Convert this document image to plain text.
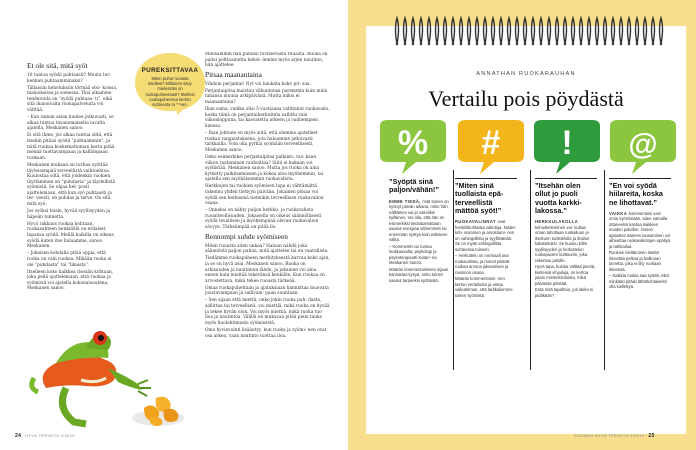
Et ole sitä, mitä syöt

10 tuntoa syödä puhtaasti? Muuta tur- kenhan puhtaamminaksi?

Tällaisiin kehotuksiin törmää otsi- koissa, mainoksissa ja somessa. Yksi alkamme tenderoida on ”syödä puhtaas- ti”, eikä sitä ihanoivalta ruokapalveluita voi välttää.

– Kun saman asian kuulee jatkuvasti, se alkaa tuntua tavanomaiselta tavalta ajatella, Meskanen sanoo.

Ei sitä ihme, jos alkaa tuntua siltä, että itsekin pitäisi syödä ”puhtaammin”, ja mitä ruokaa koskemattoman kerta pitää mennä tuottavampaan ja kalliimpaan ruokaan.

Meskanen mukaan on turhaa syöttää täyteisempää terveellistä vaihtoehtoa. Kuulostaa siltä, että joidenkin ruokien täyttäminen on ”puhdasta” ja täydellistä syömistä. Se ohjaa hel- posti ajattelemaan, että kun syö puhtaasti ja ter- veesti, on puhdas ja terve. On sitä, mitä syö.

Jos syöksi toisin, hyvää syyllisyyden ja häpeän tunnetta.

Hyvä rakkaus ruokaa kohtaan, ruokasuhteen henkilöllä on erilaiset tapansa syödä. Meillä kaikilla on oikeus syödä kuten itse haluamme, sanoo Meskanen.

– Jokaisen kohdalla pitää oppia, että ruoka on vain ruokaa. Mikään ruoka ei ole ”puhdasta” tai ”likaista”.

Itselleen koko kaikkea itseään kohtaan, joka peliä ajattelemaan, että ruokaa ja syömistä voi ajatella kokonaisuutena, Meskanen sanoo.

PUREKSITTAVAA
Miten puhut ruoasta itsellesi? Millainen sävy mielessäsi on ruokapuheessasi? Itsellesi ruokapuheessa kertoo suhteesta ruokaan.

Mielsammin hän puhuisi ravitsevasta ruuasta. Ruoka on paitsi polttoainetta kehol- lemme myös arjen nautinto, hän ajattelee.

Pitsaa maanantaina

Vihdoin perjantai! Nyt voi haukata koko pit- saa.

Perjantaipitsa maistuu vilkuntonsa paremmin kuin minä tahansa muuna arkipäivänä. Mutta miksi ei maanantaina?

Ihan sama, vaikka olisi 5-vuotiaana valittanut ruokavalio, koska tämä on perjantaiherkuttelu sallittu vain viikonloppuna, tai kasvatettu arkeen ja vanhempien kanssa.

– Ihan johtuen on myös siitä, että olemme ajatelleet ruokaa rangaistuksena, jota haluamme jatkuvasti tarkkailla. Voin olla pyrkiä syömään terveellisesti, Meskanen sanoo.

Onko esimerkiksi perjantaipitsa palkinto, tas- kaan viikon raataminen rauhoittaa? Siitä ei kukaan voi syyllistää. Meskanen sanoo. Mutta jos ruoka on aina kytketty palkitsemiseen ja kokea oloa myöhemmin, tai ajatella sen myöhäisemmin ruokavaliota.

Herkkujen tai ruokien syömisen lupa ei välttämättä rakennu yhden tiettyyn päivään. Jokainen pitsaa voi syödä sen hetkisenä tietenkin terveellisen ruokavalion osana.

– Onneksi on nähty paljon herkku- ja ruokavaliota ruoanteollisuuden. Jokaisella on oikeus säännöllisesti syödä tavallisen ja myöhempänä olevan ruokavalion sävyyn. Tärkeämpää on pitää ilo.

Rennompi suhde syömiseen

Miten ruuasta siten unkaa? Haluan nähdä joka säännöstä paljon puhua, mitä ajattelee tai on vaarallista.

Tiedämme ruokapuheen merkityksestä karvaa koko ajan, ja se on hyvä asia. Meskanen sanoo. Ruoka on arkisuuden ja nautinnon lähde, ja jokainen voi aina ennen kuin mieltää tekevänsä henkilön. Kun ruokaa on arvostettava, mikä tekee ruoasta tärkeää.

Omaa ruokapuhettaan ja ajatuksiaan kannattaa muovata joustavampaan ja sallivam- paan suuntaan.

– Sen sijaan että miettii, onko jokin ruoka puh- dasta, sallittua tai terveellistä, voi miettiä, mikä ruoka on hyvää ja tekee hyvän olon. Voi myös miettiä, mikä ruoka tuo iloa ja nautintoa. Välillä on mukavaa pitää pieni tauko myös huolehtimasta syömisestä.

Oma hyvinvointi lisääntyy, kun ruoka ja syömi- nen ovat osa arkea, vaan nautinto tuottaa iloa.

24 HYVÄ TERVEYS 2/2019	SUOMEN HYVÄ TERVEYS 2/2019 25
ANNATHAN RUOKARAUHAN
Vertailu pois pöydästä
% # ! @
”Syöptä sinä paljon/vähän!”

EMME TIEDÄ, mitä toinen on syönyt päivän aikana, onko hän nälkäinen vai jo valmiiksi kylläinen. Voi olla, että hän on esimerkiksi tiedostamattaan saanut energiaa vähemmän tai enemmän syötyä kuin esikseen valita.

– Kommentti voi tuntua loukkaavalta, psykologi ja psykoterapeutti Katari- na Meskanen sanoo.

Määrän kommentoimisen sijaan kannattaa kysyä, onko toinen saanut tarpeeksi syötävää.

”Miten sinä tuollaista epä- terveellistä mättöä syöt!”

RUOKAVALINNAT ovat henkilökohtaisia valintoja. Niiden kriti- soiminen ja arvostami- nen on vahingollista ja syyllistävää. Se on myös vahingollista suhteessa toiseen.

– Herkuttelu on normaali osa ruokavaliota, ja monet pitävät ruokaa arvona jaksamisen ja ravinnon osana.

Määrän kommentoimi- nen kertoo vertailusta ja antaa vaikutelman, että tarkkailemme toisen syömistä.

”Itsehän olen ollut jo puoli vuotta karkki- lakossa.”

HERKKULAKOLLA kehuskeleminen vai- kuttaa oman taholtaan ruokailuun ja itsekurin todistelulla ja ihailun kalasteluksi. Se kuuluu kiltin syyllisyyden ja herkuttelun ruokapuolen kulttuuriin, joka rakentuu pelolle.

Hyvä tapa, kuinka välttää pieniä, kielteisiä vihjailuja, on kertoa jotain mielenkiintoista, mikä päivässä piristää.

Entä mitä tapahtuu, jos lakko ei pidäkään?

”En voi syödä hiilareita, koska ne lihottavat.”

VAIKKA kommentoisi vain omia syömisiään, tulee samalla ottaneeksi kantaa kaikkien muiden paloihin. Omien ajatusten ääneen lausuminen voi aiheuttaa ruokavalintojen epäilyä ja tarkkailua.

Ruokien kieltäminen itseltä ilmentää pelkoa ja hallinnan tarvetta, joka ei liity ruokaan itseensä.

– Kaikkia ruokia saa syödä, eikä minkään pitäisi lähtökohtaisesti olla kiellettyä.
